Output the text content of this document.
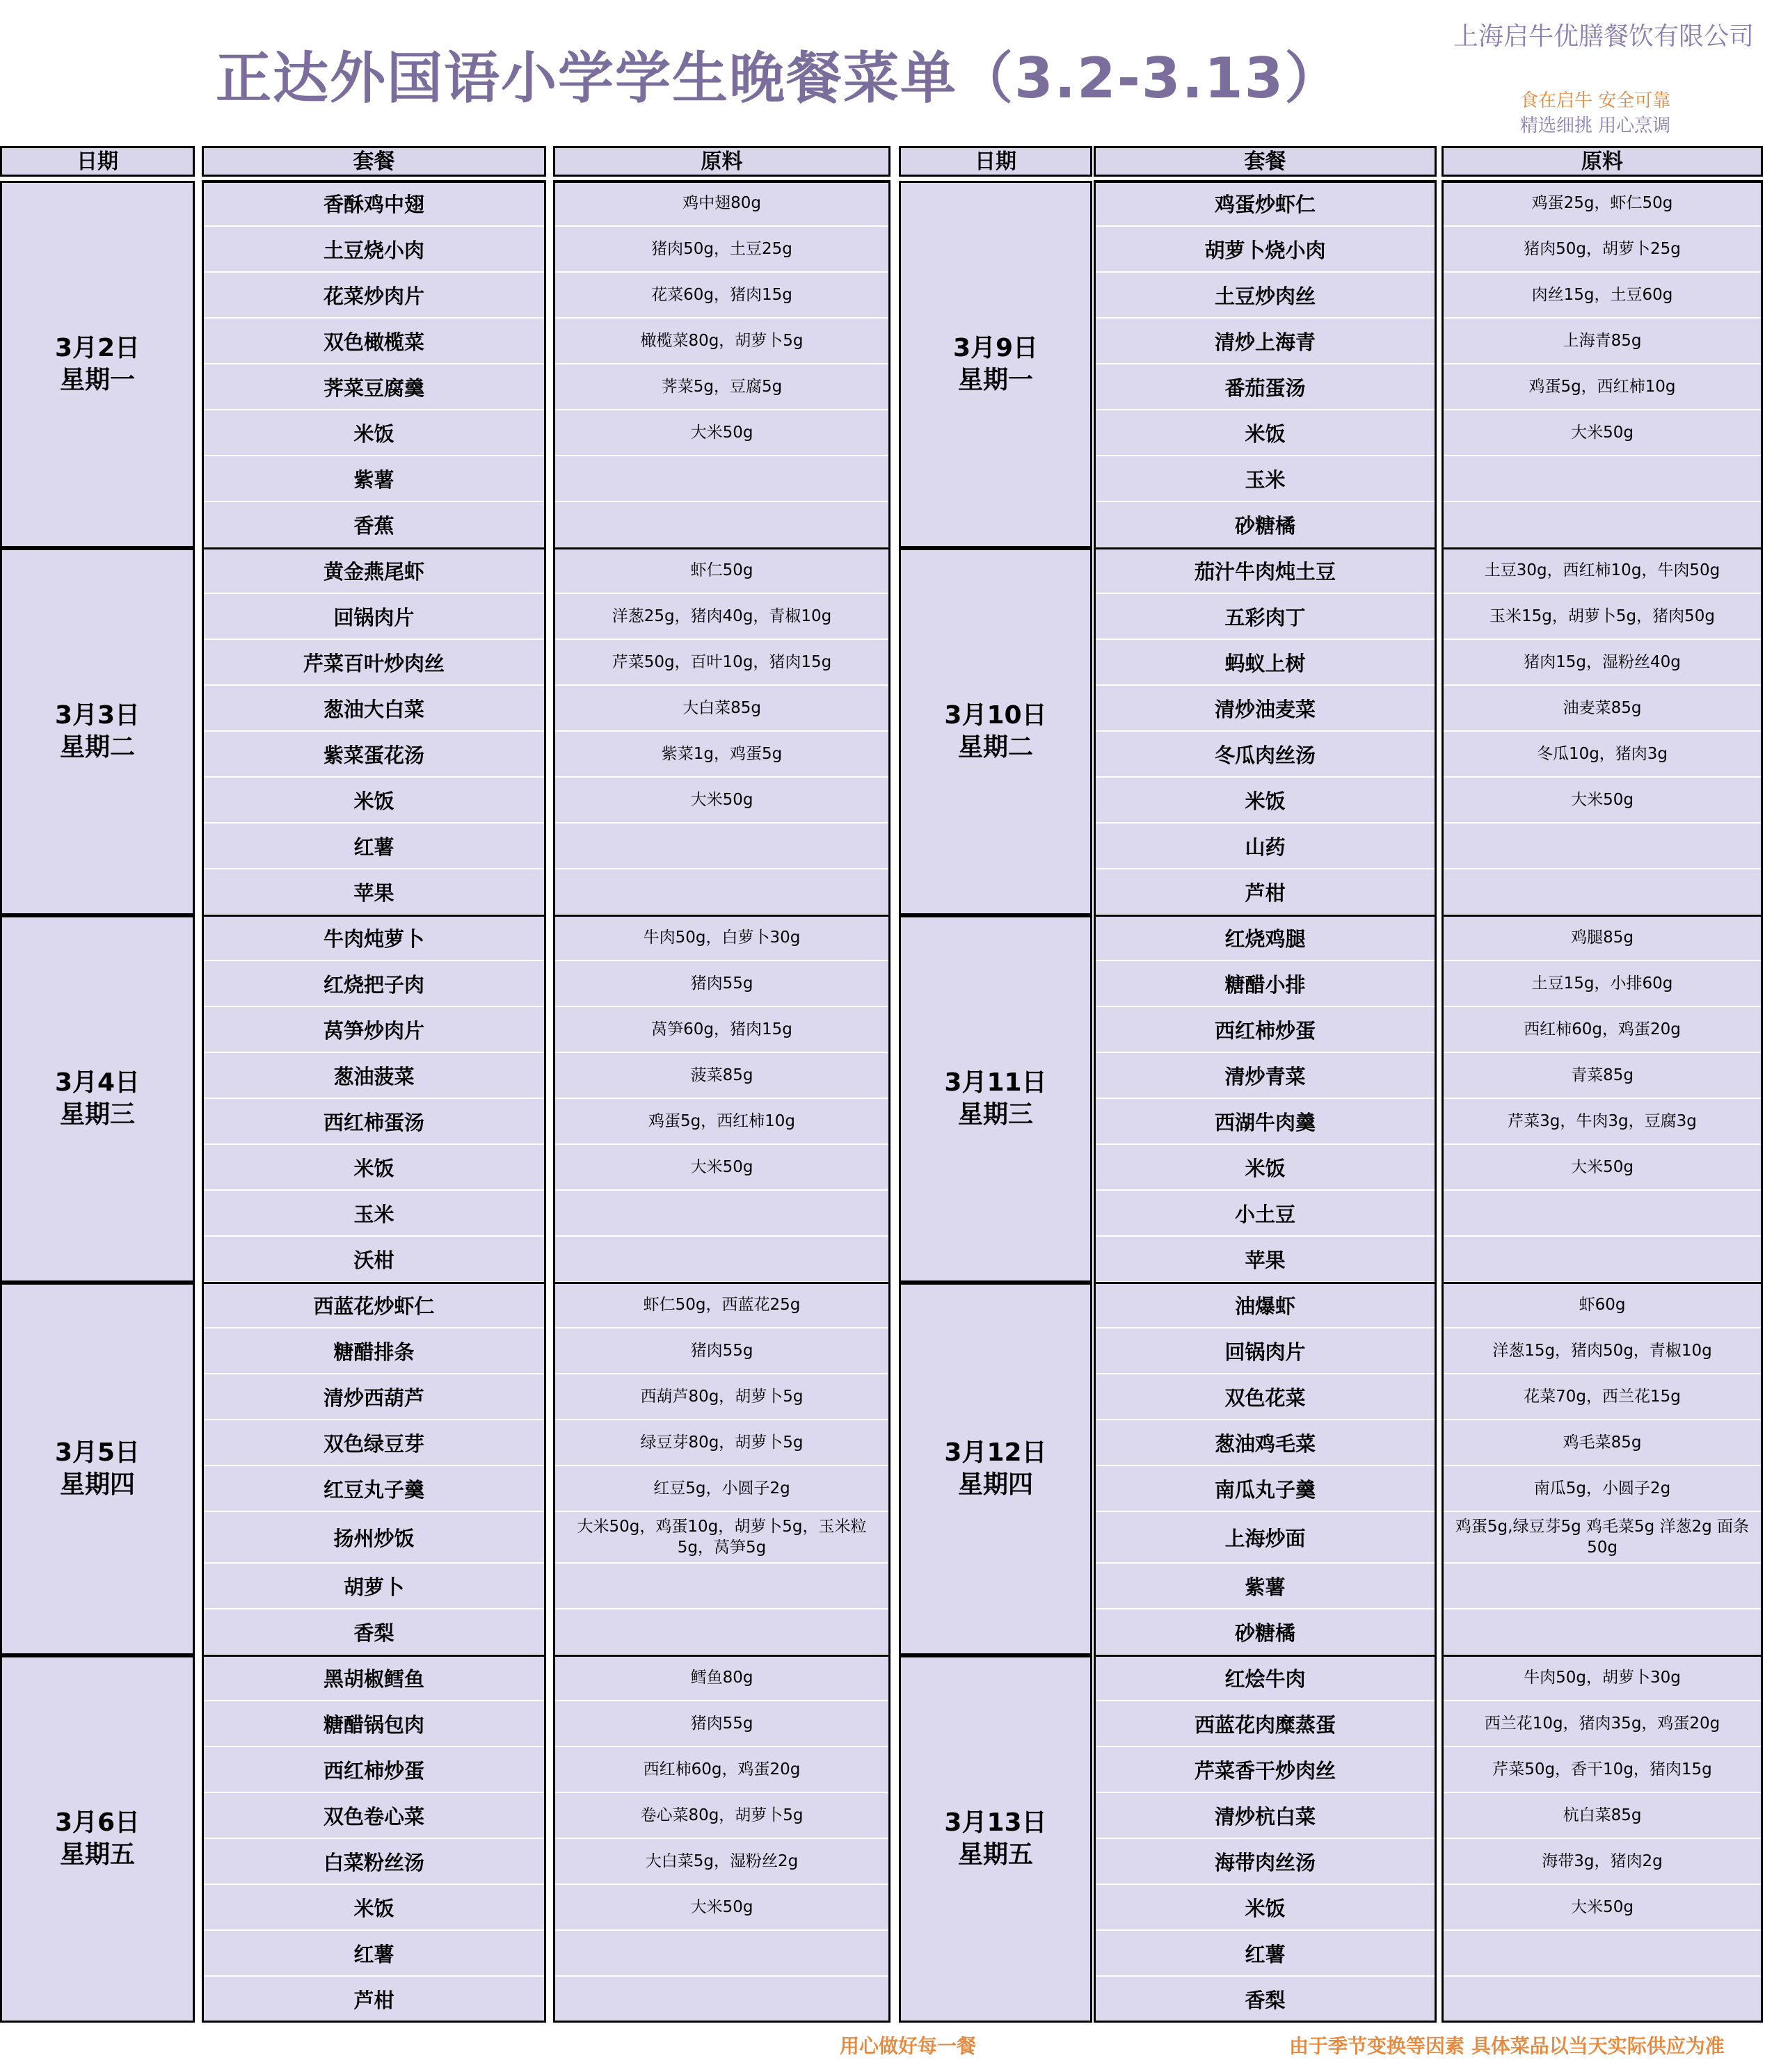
正达外国语小学学生晚餐菜单（3.2-3.13）
上海启牛优膳餐饮有限公司
食在启牛 安全可靠
精选细挑 用心烹调
日期	套餐	原料
3月2日
星期一
香酥鸡中翅	鸡中翅80g
土豆烧小肉	猪肉50g，土豆25g
花菜炒肉片	花菜60g，猪肉15g
双色橄榄菜	橄榄菜80g，胡萝卜5g
荠菜豆腐羹	荠菜5g，豆腐5g
米饭	大米50g
紫薯
香蕉
3月3日
星期二
黄金燕尾虾	虾仁50g
回锅肉片	洋葱25g，猪肉40g，青椒10g
芹菜百叶炒肉丝	芹菜50g，百叶10g，猪肉15g
葱油大白菜	大白菜85g
紫菜蛋花汤	紫菜1g，鸡蛋5g
米饭	大米50g
红薯
苹果
3月4日
星期三
牛肉炖萝卜	牛肉50g，白萝卜30g
红烧把子肉	猪肉55g
莴笋炒肉片	莴笋60g，猪肉15g
葱油菠菜	菠菜85g
西红柿蛋汤	鸡蛋5g，西红柿10g
米饭	大米50g
玉米
沃柑
3月5日
星期四
西蓝花炒虾仁	虾仁50g，西蓝花25g
糖醋排条	猪肉55g
清炒西葫芦	西葫芦80g，胡萝卜5g
双色绿豆芽	绿豆芽80g，胡萝卜5g
红豆丸子羹	红豆5g，小圆子2g
扬州炒饭	大米50g，鸡蛋10g，胡萝卜5g，玉米粒5g，莴笋5g
胡萝卜
香梨
3月6日
星期五
黑胡椒鳕鱼	鳕鱼80g
糖醋锅包肉	猪肉55g
西红柿炒蛋	西红柿60g，鸡蛋20g
双色卷心菜	卷心菜80g，胡萝卜5g
白菜粉丝汤	大白菜5g，湿粉丝2g
米饭	大米50g
红薯
芦柑
日期	套餐	原料
3月9日
星期一
鸡蛋炒虾仁	鸡蛋25g，虾仁50g
胡萝卜烧小肉	猪肉50g，胡萝卜25g
土豆炒肉丝	肉丝15g，土豆60g
清炒上海青	上海青85g
番茄蛋汤	鸡蛋5g，西红柿10g
米饭	大米50g
玉米
砂糖橘
3月10日
星期二
茄汁牛肉炖土豆	土豆30g，西红柿10g，牛肉50g
五彩肉丁	玉米15g，胡萝卜5g，猪肉50g
蚂蚁上树	猪肉15g，湿粉丝40g
清炒油麦菜	油麦菜85g
冬瓜肉丝汤	冬瓜10g，猪肉3g
米饭	大米50g
山药
芦柑
3月11日
星期三
红烧鸡腿	鸡腿85g
糖醋小排	土豆15g，小排60g
西红柿炒蛋	西红柿60g，鸡蛋20g
清炒青菜	青菜85g
西湖牛肉羹	芹菜3g，牛肉3g，豆腐3g
米饭	大米50g
小土豆
苹果
3月12日
星期四
油爆虾	虾60g
回锅肉片	洋葱15g，猪肉50g，青椒10g
双色花菜	花菜70g，西兰花15g
葱油鸡毛菜	鸡毛菜85g
南瓜丸子羹	南瓜5g，小圆子2g
上海炒面	鸡蛋5g,绿豆芽5g 鸡毛菜5g 洋葱2g 面条50g
紫薯
砂糖橘
3月13日
星期五
红烩牛肉	牛肉50g，胡萝卜30g
西蓝花肉糜蒸蛋	西兰花10g，猪肉35g，鸡蛋20g
芹菜香干炒肉丝	芹菜50g，香干10g，猪肉15g
清炒杭白菜	杭白菜85g
海带肉丝汤	海带3g，猪肉2g
米饭	大米50g
红薯
香梨
用心做好每一餐	由于季节变换等因素 具体菜品以当天实际供应为准
